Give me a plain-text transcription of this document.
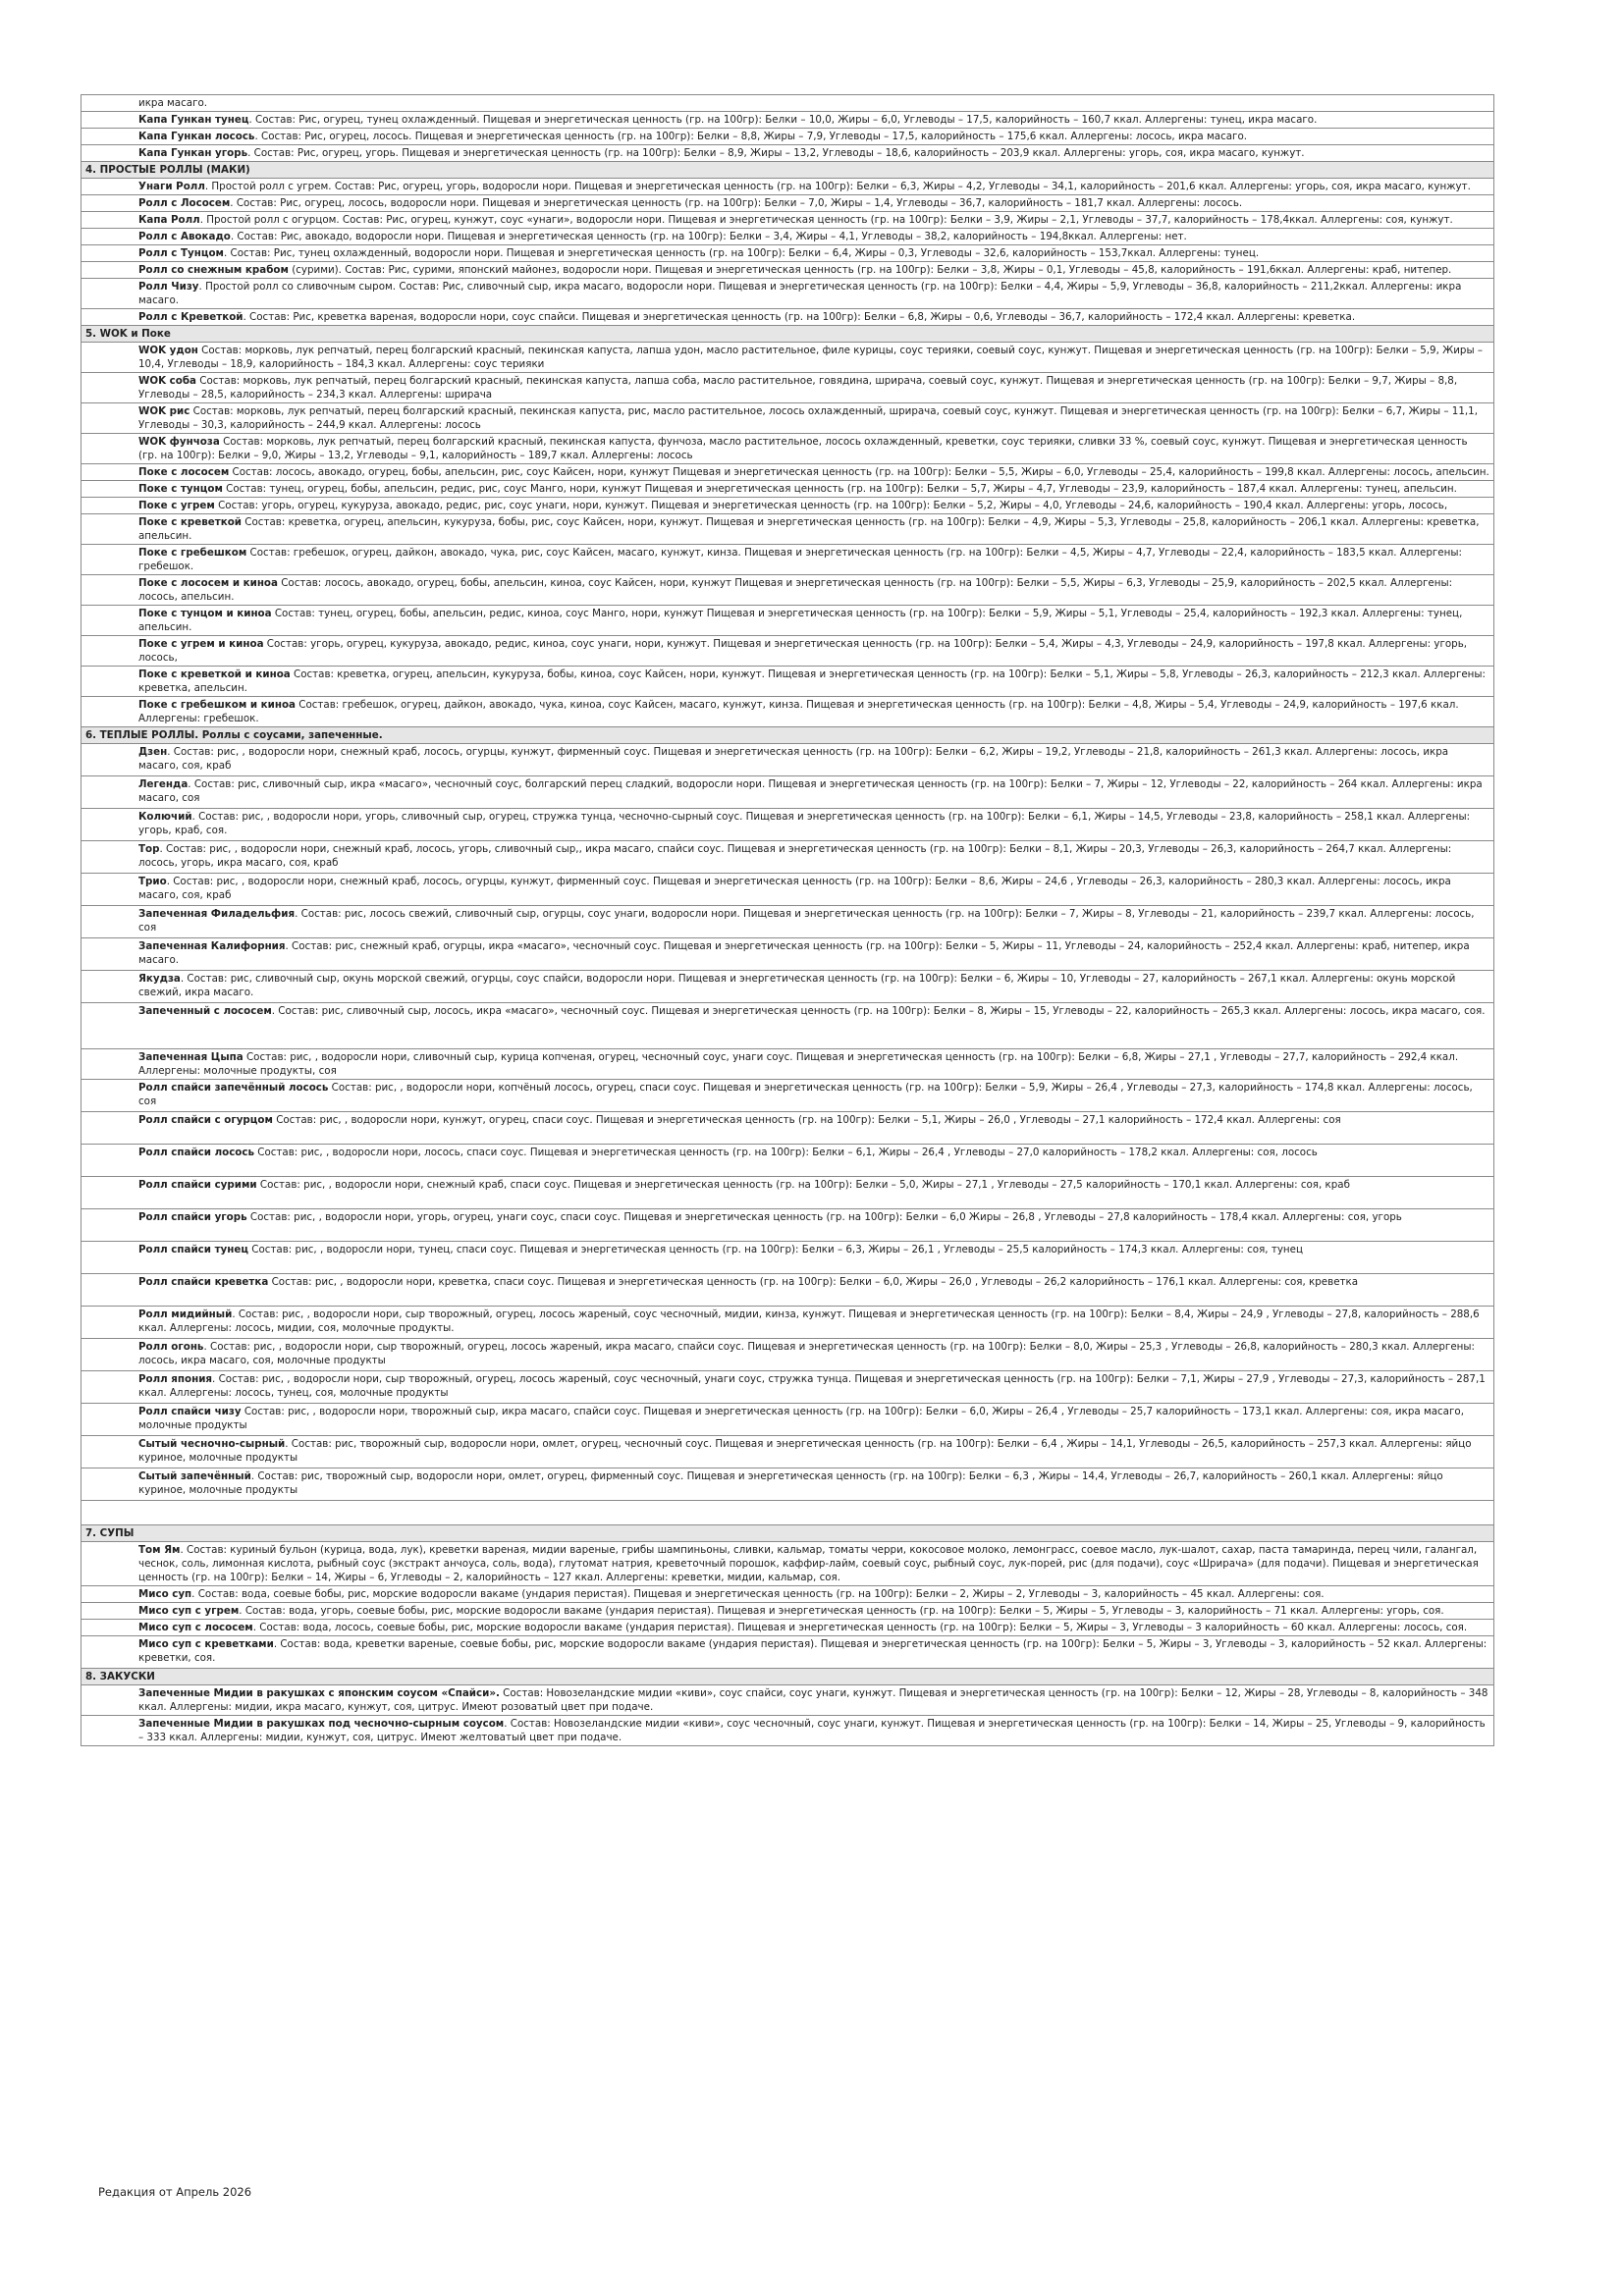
икра масаго.
Капа Гункан тунец. Состав: Рис, огурец, тунец охлажденный. Пищевая и энергетическая ценность (гр. на 100гр): Белки – 10,0, Жиры – 6,0, Углеводы – 17,5, калорийность – 160,7 ккал. Аллергены: тунец, икра масаго.
Капа Гункан лосось. Состав: Рис, огурец, лосось. Пищевая и энергетическая ценность (гр. на 100гр): Белки – 8,8, Жиры – 7,9, Углеводы – 17,5, калорийность – 175,6 ккал. Аллергены: лосось, икра масаго.
Капа Гункан угорь. Состав: Рис, огурец, угорь. Пищевая и энергетическая ценность (гр. на 100гр): Белки – 8,9, Жиры – 13,2, Углеводы – 18,6, калорийность – 203,9 ккал. Аллергены: угорь, соя, икра масаго, кунжут.
4. ПРОСТЫЕ РОЛЛЫ (МАКИ)
Унаги Ролл. Простой ролл с угрем. Состав: Рис, огурец, угорь, водоросли нори. Пищевая и энергетическая ценность (гр. на 100гр): Белки – 6,3, Жиры – 4,2, Углеводы – 34,1, калорийность – 201,6 ккал. Аллергены: угорь, соя, икра масаго, кунжут.
Ролл с Лососем. Состав: Рис, огурец, лосось, водоросли нори. Пищевая и энергетическая ценность (гр. на 100гр): Белки – 7,0, Жиры – 1,4, Углеводы – 36,7, калорийность – 181,7 ккал. Аллергены: лосось.
Капа Ролл. Простой ролл с огурцом. Состав: Рис, огурец, кунжут, соус «унаги», водоросли нори. Пищевая и энергетическая ценность (гр. на 100гр): Белки – 3,9, Жиры – 2,1, Углеводы – 37,7, калорийность – 178,4ккал. Аллергены: соя, кунжут.
Ролл с Авокадо. Состав: Рис, авокадо, водоросли нори. Пищевая и энергетическая ценность (гр. на 100гр): Белки – 3,4, Жиры – 4,1, Углеводы – 38,2, калорийность – 194,8ккал. Аллергены: нет.
Ролл с Тунцом. Состав: Рис, тунец охлажденный, водоросли нори. Пищевая и энергетическая ценность (гр. на 100гр): Белки – 6,4, Жиры – 0,3, Углеводы – 32,6, калорийность – 153,7ккал. Аллергены: тунец.
Ролл со снежным крабом (сурими). Состав: Рис, сурими, японский майонез, водоросли нори. Пищевая и энергетическая ценность (гр. на 100гр): Белки – 3,8, Жиры – 0,1, Углеводы – 45,8, калорийность – 191,6ккал. Аллергены: краб, нитепер.
Ролл Чизу. Простой ролл со сливочным сыром. Состав: Рис, сливочный сыр, икра масаго, водоросли нори. Пищевая и энергетическая ценность (гр. на 100гр): Белки – 4,4, Жиры – 5,9, Углеводы – 36,8, калорийность – 211,2ккал. Аллергены: икра масаго.
Ролл с Креветкой. Состав: Рис, креветка вареная, водоросли нори, соус спайси. Пищевая и энергетическая ценность (гр. на 100гр): Белки – 6,8, Жиры – 0,6, Углеводы – 36,7, калорийность – 172,4 ккал. Аллергены: креветка.
5. WOK и Поке
WOK удон Состав: морковь, лук репчатый, перец болгарский красный, пекинская капуста, лапша удон, масло растительное, филе курицы, соус терияки, соевый соус, кунжут. Пищевая и энергетическая ценность (гр. на 100гр): Белки – 5,9, Жиры – 10,4, Углеводы – 18,9, калорийность – 184,3 ккал. Аллергены: соус терияки
WOK соба Состав: морковь, лук репчатый, перец болгарский красный, пекинская капуста, лапша соба, масло растительное, говядина, шрирача, соевый соус, кунжут. Пищевая и энергетическая ценность (гр. на 100гр): Белки – 9,7, Жиры – 8,8, Углеводы – 28,5, калорийность – 234,3 ккал. Аллергены: шрирача
WOK рис Состав: морковь, лук репчатый, перец болгарский красный, пекинская капуста, рис, масло растительное, лосось охлажденный, шрирача, соевый соус, кунжут. Пищевая и энергетическая ценность (гр. на 100гр): Белки – 6,7, Жиры – 11,1, Углеводы – 30,3, калорийность – 244,9 ккал. Аллергены: лосось
WOK фунчоза Состав: морковь, лук репчатый, перец болгарский красный, пекинская капуста, фунчоза, масло растительное, лосось охлажденный, креветки, соус терияки, сливки 33 %, соевый соус, кунжут. Пищевая и энергетическая ценность (гр. на 100гр): Белки – 9,0, Жиры – 13,2, Углеводы – 9,1, калорийность – 189,7 ккал. Аллергены: лосось
Поке с лососем Состав: лосось, авокадо, огурец, бобы, апельсин, рис, соус Кайсен, нори, кунжут Пищевая и энергетическая ценность (гр. на 100гр): Белки – 5,5, Жиры – 6,0, Углеводы – 25,4, калорийность – 199,8 ккал. Аллергены: лосось, апельсин.
Поке с тунцом Состав: тунец, огурец, бобы, апельсин, редис, рис, соус Манго, нори, кунжут Пищевая и энергетическая ценность (гр. на 100гр): Белки – 5,7, Жиры – 4,7, Углеводы – 23,9, калорийность – 187,4 ккал. Аллергены: тунец, апельсин.
Поке с угрем Состав: угорь, огурец, кукуруза, авокадо, редис, рис, соус унаги, нори, кунжут. Пищевая и энергетическая ценность (гр. на 100гр): Белки – 5,2, Жиры – 4,0, Углеводы – 24,6, калорийность – 190,4 ккал. Аллергены: угорь, лосось,
Поке с креветкой Состав: креветка, огурец, апельсин, кукуруза, бобы, рис, соус Кайсен, нори, кунжут. Пищевая и энергетическая ценность (гр. на 100гр): Белки – 4,9, Жиры – 5,3, Углеводы – 25,8, калорийность – 206,1 ккал. Аллергены: креветка, апельсин.
Поке с гребешком Состав: гребешок, огурец, дайкон, авокадо, чука, рис, соус Кайсен, масаго, кунжут, кинза. Пищевая и энергетическая ценность (гр. на 100гр): Белки – 4,5, Жиры – 4,7, Углеводы – 22,4, калорийность – 183,5 ккал. Аллергены: гребешок.
Поке с лососем и киноа Состав: лосось, авокадо, огурец, бобы, апельсин, киноа, соус Кайсен, нори, кунжут Пищевая и энергетическая ценность (гр. на 100гр): Белки – 5,5, Жиры – 6,3, Углеводы – 25,9, калорийность – 202,5 ккал. Аллергены: лосось, апельсин.
Поке с тунцом и киноа Состав: тунец, огурец, бобы, апельсин, редис, киноа, соус Манго, нори, кунжут Пищевая и энергетическая ценность (гр. на 100гр): Белки – 5,9, Жиры – 5,1, Углеводы – 25,4, калорийность – 192,3 ккал. Аллергены: тунец, апельсин.
Поке с угрем и киноа Состав: угорь, огурец, кукуруза, авокадо, редис, киноа, соус унаги, нори, кунжут. Пищевая и энергетическая ценность (гр. на 100гр): Белки – 5,4, Жиры – 4,3, Углеводы – 24,9, калорийность – 197,8 ккал. Аллергены: угорь, лосось,
Поке с креветкой и киноа Состав: креветка, огурец, апельсин, кукуруза, бобы, киноа, соус Кайсен, нори, кунжут. Пищевая и энергетическая ценность (гр. на 100гр): Белки – 5,1, Жиры – 5,8, Углеводы – 26,3, калорийность – 212,3 ккал. Аллергены: креветка, апельсин.
Поке с гребешком и киноа Состав: гребешок, огурец, дайкон, авокадо, чука, киноа, соус Кайсен, масаго, кунжут, кинза. Пищевая и энергетическая ценность (гр. на 100гр): Белки – 4,8, Жиры – 5,4, Углеводы – 24,9, калорийность – 197,6 ккал. Аллергены: гребешок.
6. ТЕПЛЫЕ РОЛЛЫ. Роллы с соусами, запеченные.
Дзен. Состав: рис, , водоросли нори, снежный краб, лосось, огурцы, кунжут, фирменный соус. Пищевая и энергетическая ценность (гр. на 100гр): Белки – 6,2, Жиры – 19,2, Углеводы – 21,8, калорийность – 261,3 ккал. Аллергены: лосось, икра масаго, соя, краб
Легенда. Состав: рис, сливочный сыр, икра «масаго», чесночный соус, болгарский перец сладкий, водоросли нори. Пищевая и энергетическая ценность (гр. на 100гр): Белки – 7, Жиры – 12, Углеводы – 22, калорийность – 264 ккал. Аллергены: икра масаго, соя
Колючий. Состав: рис, , водоросли нори, угорь, сливочный сыр, огурец, стружка тунца, чесночно-сырный соус. Пищевая и энергетическая ценность (гр. на 100гр): Белки – 6,1, Жиры – 14,5, Углеводы – 23,8, калорийность – 258,1 ккал. Аллергены: угорь, краб, соя.
Тор. Состав: рис, , водоросли нори, снежный краб, лосось, угорь, сливочный сыр,, икра масаго, спайси соус. Пищевая и энергетическая ценность (гр. на 100гр): Белки – 8,1, Жиры – 20,3, Углеводы – 26,3, калорийность – 264,7 ккал. Аллергены: лосось, угорь, икра масаго, соя, краб
Трио. Состав: рис, , водоросли нори, снежный краб, лосось, огурцы, кунжут, фирменный соус. Пищевая и энергетическая ценность (гр. на 100гр): Белки – 8,6, Жиры – 24,6 , Углеводы – 26,3, калорийность – 280,3 ккал. Аллергены: лосось, икра масаго, соя, краб
Запеченная Филадельфия. Состав: рис, лосось свежий, сливочный сыр, огурцы, соус унаги, водоросли нори. Пищевая и энергетическая ценность (гр. на 100гр): Белки – 7, Жиры – 8, Углеводы – 21, калорийность – 239,7 ккал. Аллергены: лосось, соя
Запеченная Калифорния. Состав: рис, снежный краб, огурцы, икра «масаго», чесночный соус. Пищевая и энергетическая ценность (гр. на 100гр): Белки – 5, Жиры – 11, Углеводы – 24, калорийность – 252,4 ккал. Аллергены: краб, нитепер, икра масаго.
Якудза. Состав: рис, сливочный сыр, окунь морской свежий, огурцы, соус спайси, водоросли нори. Пищевая и энергетическая ценность (гр. на 100гр): Белки – 6, Жиры – 10, Углеводы – 27, калорийность – 267,1 ккал. Аллергены: окунь морской свежий, икра масаго.
Запеченный с лососем. Состав: рис, сливочный сыр, лосось, икра «масаго», чесночный соус. Пищевая и энергетическая ценность (гр. на 100гр): Белки – 8, Жиры – 15, Углеводы – 22, калорийность – 265,3 ккал. Аллергены: лосось, икра масаго, соя.
Запеченная Цыпа Состав: рис, , водоросли нори, сливочный сыр, курица копченая, огурец, чесночный соус, унаги соус. Пищевая и энергетическая ценность (гр. на 100гр): Белки – 6,8, Жиры – 27,1 , Углеводы – 27,7, калорийность – 292,4 ккал. Аллергены: молочные продукты, соя
Ролл спайси запечённый лосось Состав: рис, , водоросли нори, копчёный лосось, огурец, спаси соус. Пищевая и энергетическая ценность (гр. на 100гр): Белки – 5,9, Жиры – 26,4 , Углеводы – 27,3, калорийность – 174,8 ккал. Аллергены: лосось, соя
Ролл спайси с огурцом Состав: рис, , водоросли нори, кунжут, огурец, спаси соус. Пищевая и энергетическая ценность (гр. на 100гр): Белки – 5,1, Жиры – 26,0 , Углеводы – 27,1 калорийность – 172,4 ккал. Аллергены: соя
Ролл спайси лосось Состав: рис, , водоросли нори, лосось, спаси соус. Пищевая и энергетическая ценность (гр. на 100гр): Белки – 6,1, Жиры – 26,4 , Углеводы – 27,0 калорийность – 178,2 ккал. Аллергены: соя, лосось
Ролл спайси сурими Состав: рис, , водоросли нори, снежный краб, спаси соус. Пищевая и энергетическая ценность (гр. на 100гр): Белки – 5,0, Жиры – 27,1 , Углеводы – 27,5 калорийность – 170,1 ккал. Аллергены: соя, краб
Ролл спайси угорь Состав: рис, , водоросли нори, угорь, огурец, унаги соус, спаси соус. Пищевая и энергетическая ценность (гр. на 100гр): Белки – 6,0 Жиры – 26,8 , Углеводы – 27,8 калорийность – 178,4 ккал. Аллергены: соя, угорь
Ролл спайси тунец Состав: рис, , водоросли нори, тунец, спаси соус. Пищевая и энергетическая ценность (гр. на 100гр): Белки – 6,3, Жиры – 26,1 , Углеводы – 25,5 калорийность – 174,3 ккал. Аллергены: соя, тунец
Ролл спайси креветка Состав: рис, , водоросли нори, креветка, спаси соус. Пищевая и энергетическая ценность (гр. на 100гр): Белки – 6,0, Жиры – 26,0 , Углеводы – 26,2 калорийность – 176,1 ккал. Аллергены: соя, креветка
Ролл мидийный. Состав: рис, , водоросли нори, сыр творожный, огурец, лосось жареный, соус чесночный, мидии, кинза, кунжут. Пищевая и энергетическая ценность (гр. на 100гр): Белки – 8,4, Жиры – 24,9 , Углеводы – 27,8, калорийность – 288,6 ккал. Аллергены: лосось, мидии, соя, молочные продукты.
Ролл огонь. Состав: рис, , водоросли нори, сыр творожный, огурец, лосось жареный, икра масаго, спайси соус. Пищевая и энергетическая ценность (гр. на 100гр): Белки – 8,0, Жиры – 25,3 , Углеводы – 26,8, калорийность – 280,3 ккал. Аллергены: лосось, икра масаго, соя, молочные продукты
Ролл япония. Состав: рис, , водоросли нори, сыр творожный, огурец, лосось жареный, соус чесночный, унаги соус, стружка тунца. Пищевая и энергетическая ценность (гр. на 100гр): Белки – 7,1, Жиры – 27,9 , Углеводы – 27,3, калорийность – 287,1 ккал. Аллергены: лосось, тунец, соя, молочные продукты
Ролл спайси чизу Состав: рис, , водоросли нори, творожный сыр, икра масаго, спайси соус. Пищевая и энергетическая ценность (гр. на 100гр): Белки – 6,0, Жиры – 26,4 , Углеводы – 25,7 калорийность – 173,1 ккал. Аллергены: соя, икра масаго, молочные продукты
Сытый чесночно-сырный. Состав: рис, творожный сыр, водоросли нори, омлет, огурец, чесночный соус. Пищевая и энергетическая ценность (гр. на 100гр): Белки – 6,4 , Жиры – 14,1, Углеводы – 26,5, калорийность – 257,3 ккал. Аллергены: яйцо куриное, молочные продукты
Сытый запечённый. Состав: рис, творожный сыр, водоросли нори, омлет, огурец, фирменный соус. Пищевая и энергетическая ценность (гр. на 100гр): Белки – 6,3 , Жиры – 14,4, Углеводы – 26,7, калорийность – 260,1 ккал. Аллергены: яйцо куриное, молочные продукты

7. СУПЫ
Том Ям. Состав: куриный бульон (курица, вода, лук), креветки вареная, мидии вареные, грибы шампиньоны, сливки, кальмар, томаты черри, кокосовое молоко, лемонграсс, соевое масло, лук-шалот, сахар, паста тамариндa, перец чили, галангал, чеснок, соль, лимонная кислота, рыбный соус (экстракт анчоуса, соль, вода), глутомат натрия, креветочный порошок, каффир-лайм, соевый соус, рыбный соус, лук-порей, рис (для подачи), соус «Шрирача» (для подачи). Пищевая и энергетическая ценность (гр. на 100гр): Белки – 14, Жиры – 6, Углеводы – 2, калорийность – 127 ккал. Аллергены: креветки, мидии, кальмар, соя.
Мисо суп. Состав: вода, соевые бобы, рис, морские водоросли вакаме (ундария перистая). Пищевая и энергетическая ценность (гр. на 100гр): Белки – 2, Жиры – 2, Углеводы – 3, калорийность – 45 ккал. Аллергены: соя.
Мисо суп с угрем. Состав: вода, угорь, соевые бобы, рис, морские водоросли вакаме (ундария перистая). Пищевая и энергетическая ценность (гр. на 100гр): Белки – 5, Жиры – 5, Углеводы – 3, калорийность – 71 ккал. Аллергены: угорь, соя.
Мисо суп с лососем. Состав: вода, лосось, соевые бобы, рис, морские водоросли вакаме (ундария перистая). Пищевая и энергетическая ценность (гр. на 100гр): Белки – 5, Жиры – 3, Углеводы – 3 калорийность – 60 ккал. Аллергены: лосось, соя.
Мисо суп с креветками. Состав: вода, креветки вареные, соевые бобы, рис, морские водоросли вакаме (ундария перистая). Пищевая и энергетическая ценность (гр. на 100гр): Белки – 5, Жиры – 3, Углеводы – 3, калорийность – 52 ккал. Аллергены: креветки, соя.
8. ЗАКУСКИ
Запеченные Мидии в ракушках с японским соусом «Спайси». Состав: Новозеландские мидии «киви», соус спайси, соус унаги, кунжут. Пищевая и энергетическая ценность (гр. на 100гр): Белки – 12, Жиры – 28, Углеводы – 8, калорийность – 348 ккал. Аллергены: мидии, икра масаго, кунжут, соя, цитрус. Имеют розоватый цвет при подаче.
Запеченные Мидии в ракушках под чесночно-сырным соусом. Состав: Новозеландские мидии «киви», соус чесночный, соус унаги, кунжут. Пищевая и энергетическая ценность (гр. на 100гр): Белки – 14, Жиры – 25, Углеводы – 9, калорийность – 333 ккал. Аллергены: мидии, кунжут, соя, цитрус. Имеют желтоватый цвет при подаче.
Редакция от Апрель 2026
